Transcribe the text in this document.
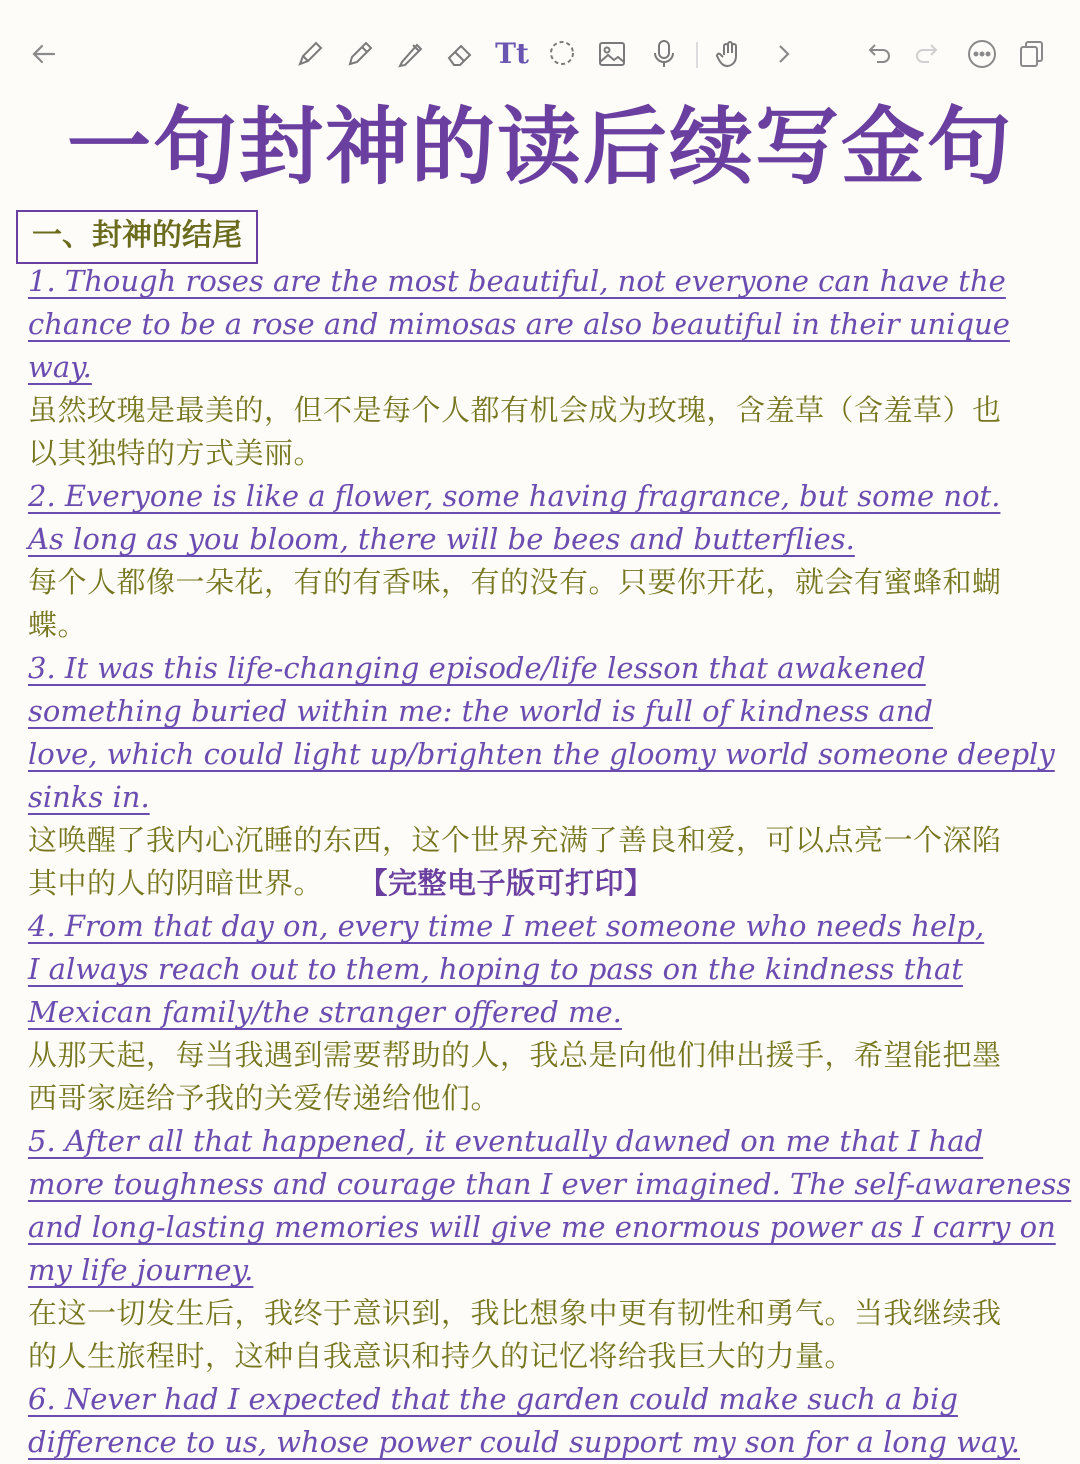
Tt
一句封神的读后续写金句
一、封神的结尾

1. Though roses are the most beautiful, not everyone can have the
chance to be a rose and mimosas are also beautiful in their unique
way.

虽然玫瑰是最美的，但不是每个人都有机会成为玫瑰，含羞草（含羞草）也
以其独特的方式美丽。

2. Everyone is like a flower, some having fragrance, but some not.
As long as you bloom, there will be bees and butterflies.

每个人都像一朵花，有的有香味，有的没有。只要你开花，就会有蜜蜂和蝴
蝶。

3. It was this life-changing episode/life lesson that awakened
something buried within me: the world is full of kindness and
love, which could light up/brighten the gloomy world someone deeply
sinks in.

这唤醒了我内心沉睡的东西，这个世界充满了善良和爱，可以点亮一个深陷
其中的人的阴暗世界。 【完整电子版可打印】

4. From that day on, every time I meet someone who needs help,
I always reach out to them, hoping to pass on the kindness that
Mexican family/the stranger offered me.

从那天起，每当我遇到需要帮助的人，我总是向他们伸出援手，希望能把墨
西哥家庭给予我的关爱传递给他们。

5. After all that happened, it eventually dawned on me that I had
more toughness and courage than I ever imagined. The self-awareness
and long-lasting memories will give me enormous power as I carry on
my life journey.

在这一切发生后，我终于意识到，我比想象中更有韧性和勇气。当我继续我
的人生旅程时，这种自我意识和持久的记忆将给我巨大的力量。

6. Never had I expected that the garden could make such a big
difference to us, whose power could support my son for a long way.
